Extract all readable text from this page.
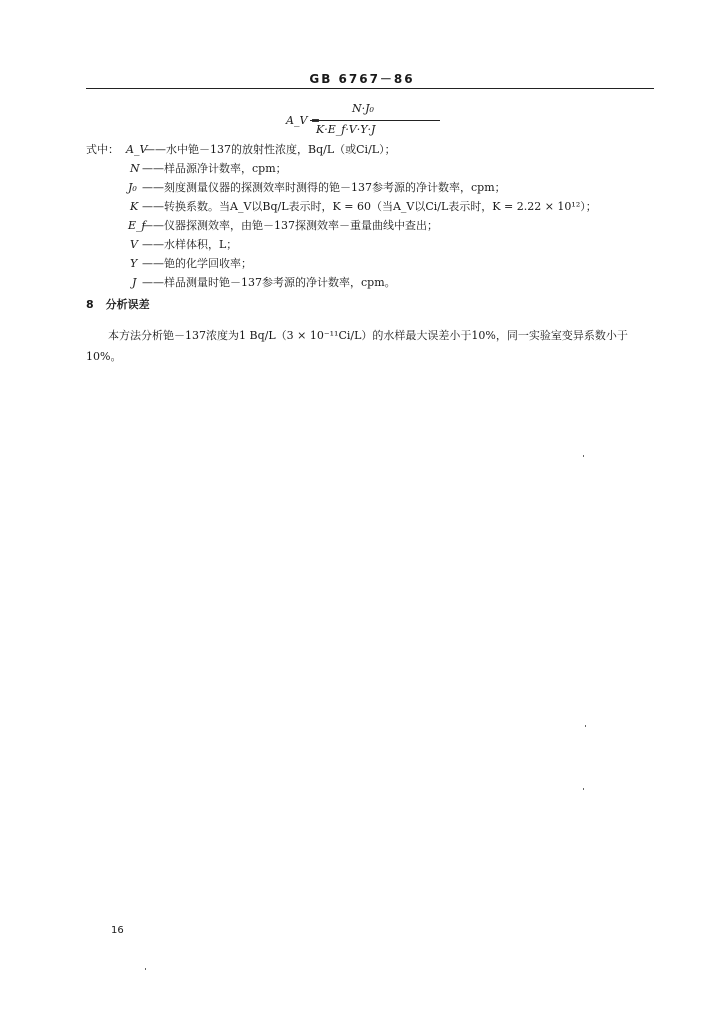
GB 6767－86
A_V =
N·J₀
K·E_f·V·Y·J
式中： A_V
——水中铯－137的放射性浓度，Bq/L（或Ci/L）；
N ——样品源净计数率，cpm；
J₀ ——刻度测量仪器的探测效率时测得的铯－137参考源的净计数率，cpm；
K ——转换系数。当A_V以Bq/L表示时，K = 60（当A_V以Ci/L表示时，K = 2.22 × 10¹²）；
E_f
——仪器探测效率，由铯－137探测效率－重量曲线中查出；
V ——水样体积，L；
Y ——铯的化学回收率；
J ——样品测量时铯－137参考源的净计数率，cpm。
8 分析误差
本方法分析铯－137浓度为1 Bq/L（3 × 10⁻¹¹Ci/L）的水样最大误差小于10%，同一实验室变异系数小于10%。
16
